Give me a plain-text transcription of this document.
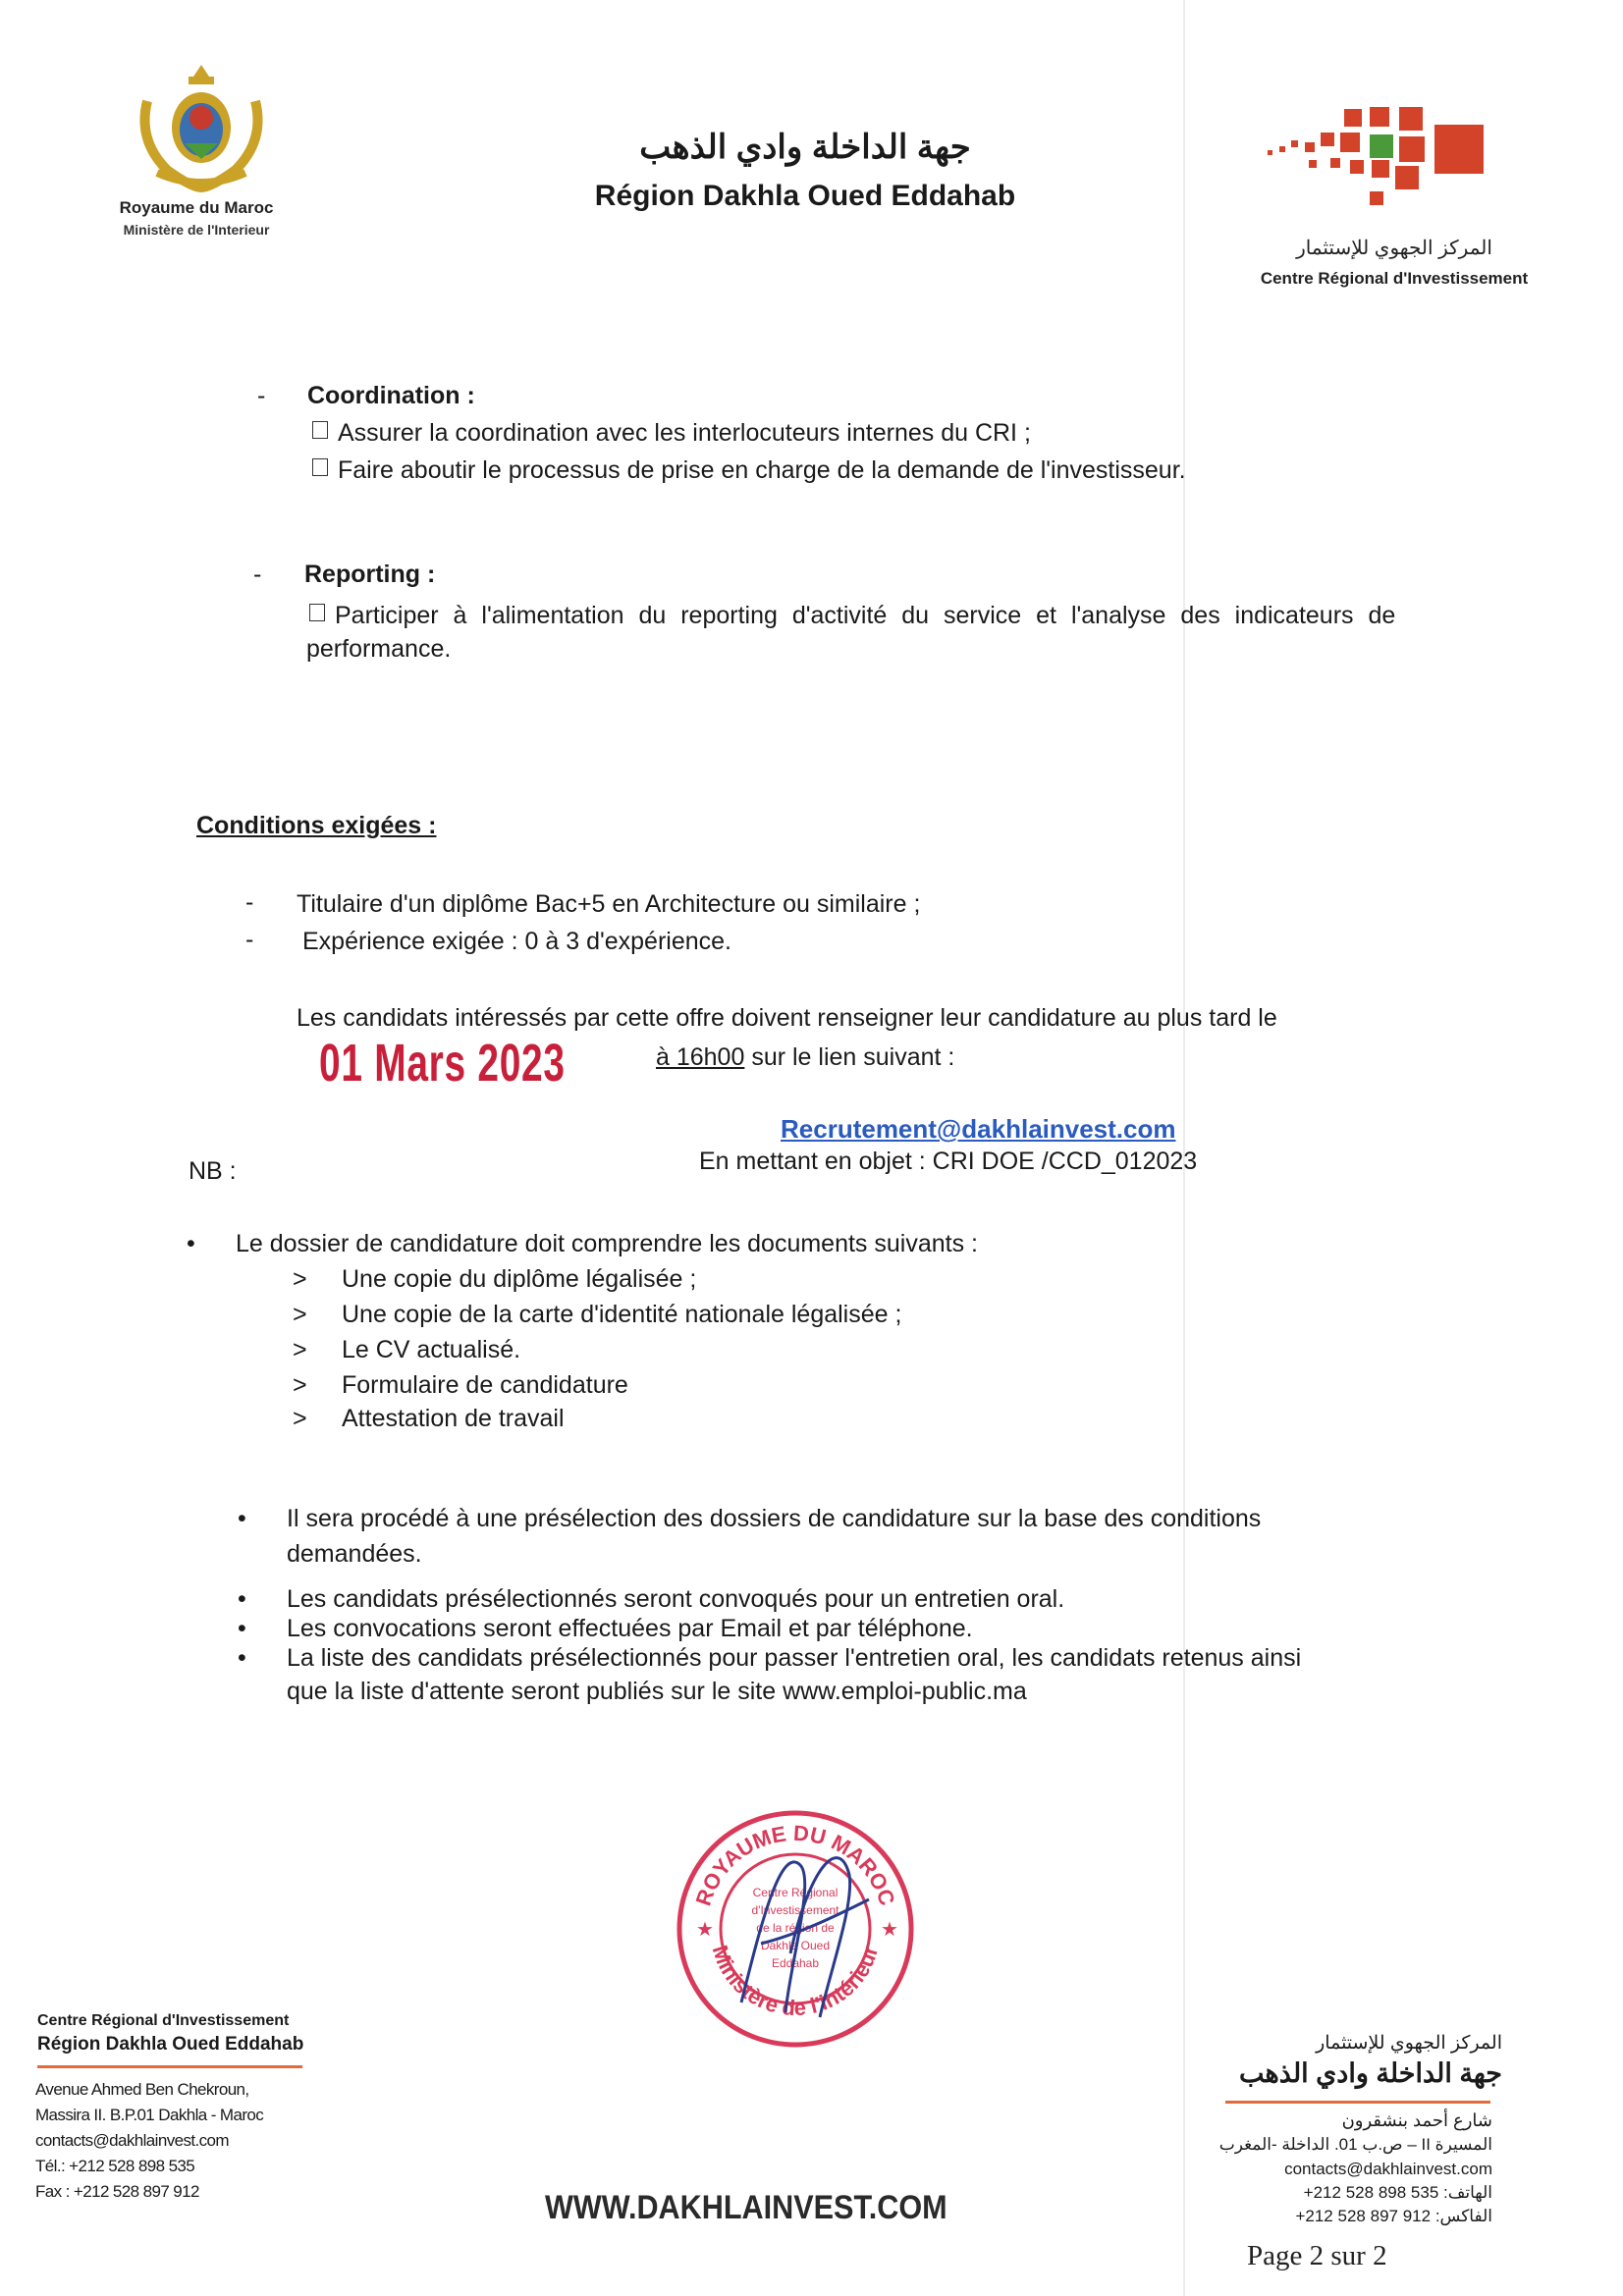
Royaume du Maroc
Ministère de l'Interieur
جهة الداخلة وادي الذهب
Région Dakhla Oued Eddahab
المركز الجهوي للإستثمار
Centre Régional d'Investissement
- Coordination :
Assurer la coordination avec les interlocuteurs internes du CRI ;
Faire aboutir le processus de prise en charge de la demande de l'investisseur.
- Reporting :
Participer à l'alimentation du reporting d'activité du service et l'analyse des indicateurs de
performance.
Conditions exigées :
- Titulaire d'un diplôme Bac+5 en Architecture ou similaire ;
- Expérience exigée : 0 à 3 d'expérience.
Les candidats intéressés par cette offre doivent renseigner leur candidature au plus tard le
01 Mars 2023	à 16h00 sur le lien suivant :
Recrutement@dakhlainvest.com
En mettant en objet : CRI DOE /CCD_012023
NB :
• Le dossier de candidature doit comprendre les documents suivants :
> Une copie du diplôme légalisée ;
> Une copie de la carte d'identité nationale légalisée ;
> Le CV actualisé.
> Formulaire de candidature
> Attestation de travail
• Il sera procédé à une présélection des dossiers de candidature sur la base des conditions
demandées.
• Les candidats présélectionnés seront convoqués pour un entretien oral.
• Les convocations seront effectuées par Email et par téléphone.
• La liste des candidats présélectionnés pour passer l'entretien oral, les candidats retenus ainsi
que la liste d'attente seront publiés sur le site www.emploi-public.ma
ROYAUME DU MAROC
Ministère de l'intérieur
★	★
Centre Régional
d'Investissement
de la région de
Dakhla Oued
Eddahab
Centre Régional d'Investissement
Région Dakhla Oued Eddahab
Avenue Ahmed Ben Chekroun,
Massira II. B.P.01 Dakhla - Maroc
contacts@dakhlainvest.com
Tél.: +212 528 898 535
Fax : +212 528 897 912	WWW.DAKHLAINVEST.COM
المركز الجهوي للإستثمار
جهة الداخلة وادي الذهب
شارع أحمد بنشقرون
المسيرة II – ص.ب 01. الداخلة -المغرب
contacts@dakhlainvest.com
الهاتف: 535 898 528 212+
الفاكس: 912 897 528 212+
Page 2 sur 2
